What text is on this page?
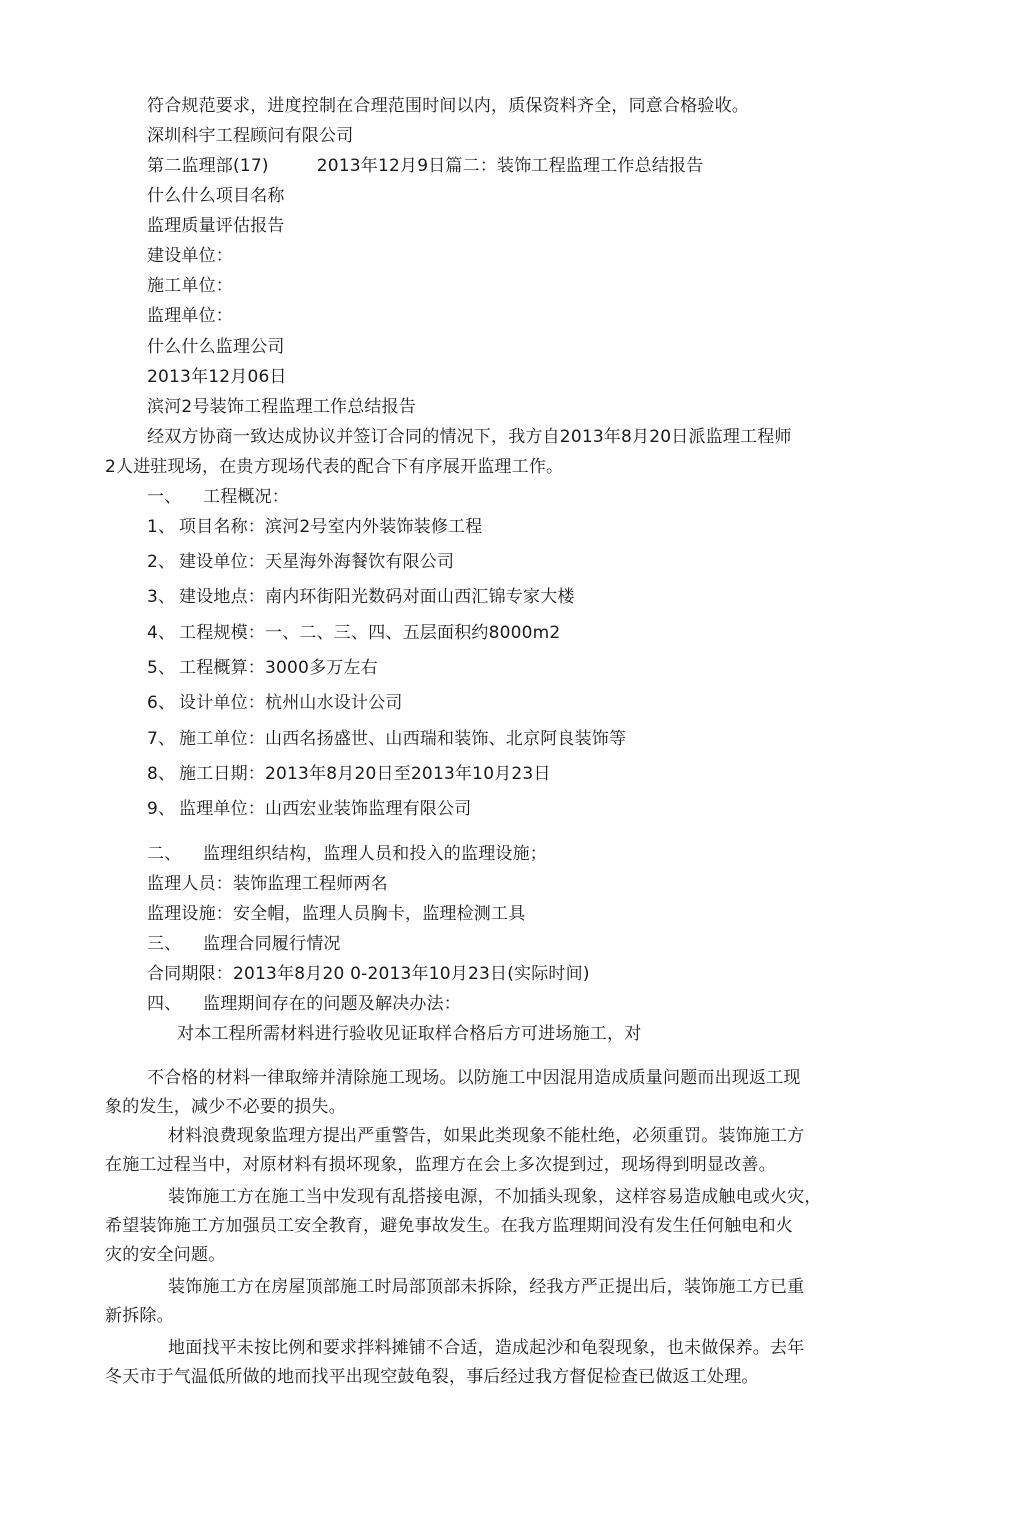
符合规范要求，进度控制在合理范围时间以内，质保资料齐全，同意合格验收。

深圳科宇工程顾问有限公司

第二监理部(17)	2013年12月9日篇二：装饰工程监理工作总结报告

什么什么项目名称

监理质量评估报告

建设单位：

施工单位：

监理单位：

什么什么监理公司

2013年12月06日

滨河2号装饰工程监理工作总结报告

经双方协商一致达成协议并签订合同的情况下，我方自2013年8月20日派监理工程师

2人进驻现场，在贵方现场代表的配合下有序展开监理工作。

一、 工程概况：

1、 项目名称：滨河2号室内外装饰装修工程

2、 建设单位：天星海外海餐饮有限公司

3、 建设地点：南内环街阳光数码对面山西汇锦专家大楼

4、 工程规模：一、二、三、四、五层面积约8000m2

5、 工程概算：3000多万左右

6、 设计单位：杭州山水设计公司

7、 施工单位：山西名扬盛世、山西瑞和装饰、北京阿良装饰等

8、 施工日期：2013年8月20日至2013年10月23日

9、 监理单位：山西宏业装饰监理有限公司

二、 监理组织结构，监理人员和投入的监理设施；

监理人员：装饰监理工程师两名

监理设施：安全帽，监理人员胸卡，监理检测工具

三、 监理合同履行情况

合同期限：2013年8月20 0-2013年10月23日(实际时间)

四、 监理期间存在的问题及解决办法：

对本工程所需材料进行验收见证取样合格后方可进场施工，对

不合格的材料一律取缔并清除施工现场。以防施工中因混用造成质量问题而出现返工现

象的发生，减少不必要的损失。

材料浪费现象监理方提出严重警告，如果此类现象不能杜绝，必须重罚。装饰施工方

在施工过程当中，对原材料有损坏现象，监理方在会上多次提到过，现场得到明显改善。

装饰施工方在施工当中发现有乱搭接电源，不加插头现象，这样容易造成触电或火灾，

希望装饰施工方加强员工安全教育，避免事故发生。在我方监理期间没有发生任何触电和火

灾的安全问题。

装饰施工方在房屋顶部施工时局部顶部未拆除，经我方严正提出后，装饰施工方已重

新拆除。

地面找平未按比例和要求拌料摊铺不合适，造成起沙和龟裂现象，也未做保养。去年

冬天市于气温低所做的地而找平出现空鼓龟裂，事后经过我方督促检查已做返工处理。
